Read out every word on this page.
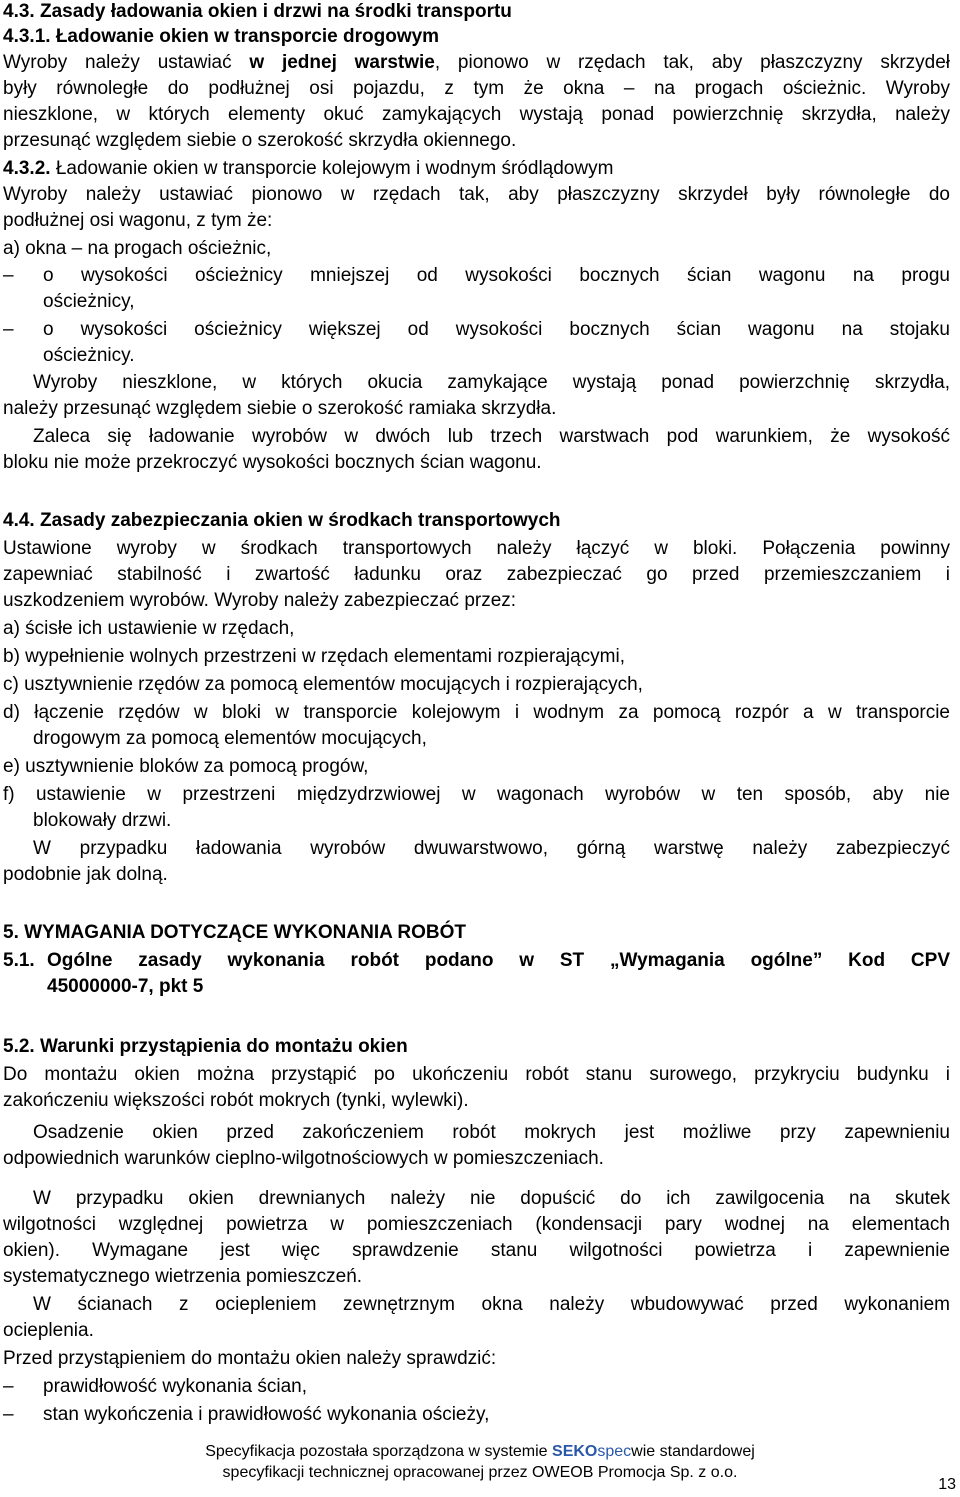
4.3. Zasady ładowania okien i drzwi na środki transportu

4.3.1. Ładowanie okien w transporcie drogowym

Wyroby należy ustawiać w jednej warstwie, pionowo w rzędach tak, aby płaszczyzny skrzydeł

były równoległe do podłużnej osi pojazdu, z tym że okna – na progach ościeżnic. Wyroby

nieszklone, w których elementy okuć zamykających wystają ponad powierzchnię skrzydła, należy

przesunąć względem siebie o szerokość skrzydła okiennego.

4.3.2. Ładowanie okien w transporcie kolejowym i wodnym śródlądowym

Wyroby należy ustawiać pionowo w rzędach tak, aby płaszczyzny skrzydeł były równoległe do

podłużnej osi wagonu, z tym że:

a) okna – na progach ościeżnic,

– o wysokości ościeżnicy mniejszej od wysokości bocznych ścian wagonu na progu

ościeżnicy,

– o wysokości ościeżnicy większej od wysokości bocznych ścian wagonu na stojaku

ościeżnicy.

Wyroby nieszklone, w których okucia zamykające wystają ponad powierzchnię skrzydła,

należy przesunąć względem siebie o szerokość ramiaka skrzydła.

Zaleca się ładowanie wyrobów w dwóch lub trzech warstwach pod warunkiem, że wysokość

bloku nie może przekroczyć wysokości bocznych ścian wagonu.

4.4. Zasady zabezpieczania okien w środkach transportowych

Ustawione wyroby w środkach transportowych należy łączyć w bloki. Połączenia powinny

zapewniać stabilność i zwartość ładunku oraz zabezpieczać go przed przemieszczaniem i

uszkodzeniem wyrobów. Wyroby należy zabezpieczać przez:

a) ścisłe ich ustawienie w rzędach,

b) wypełnienie wolnych przestrzeni w rzędach elementami rozpierającymi,

c) usztywnienie rzędów za pomocą elementów mocujących i rozpierających,

d) łączenie rzędów w bloki w transporcie kolejowym i wodnym za pomocą rozpór a w transporcie

drogowym za pomocą elementów mocujących,

e) usztywnienie bloków za pomocą progów,

f) ustawienie w przestrzeni międzydrzwiowej w wagonach wyrobów w ten sposób, aby nie

blokowały drzwi.

W przypadku ładowania wyrobów dwuwarstwowo, górną warstwę należy zabezpieczyć

podobnie jak dolną.

5. WYMAGANIA DOTYCZĄCE WYKONANIA ROBÓT

5.1. Ogólne zasady wykonania robót podano w ST „Wymagania ogólne” Kod CPV

45000000-7, pkt 5

5.2. Warunki przystąpienia do montażu okien

Do montażu okien można przystąpić po ukończeniu robót stanu surowego, przykryciu budynku i

zakończeniu większości robót mokrych (tynki, wylewki).

Osadzenie okien przed zakończeniem robót mokrych jest możliwe przy zapewnieniu

odpowiednich warunków cieplno-wilgotnościowych w pomieszczeniach.

W przypadku okien drewnianych należy nie dopuścić do ich zawilgocenia na skutek

wilgotności względnej powietrza w pomieszczeniach (kondensacji pary wodnej na elementach

okien). Wymagane jest więc sprawdzenie stanu wilgotności powietrza i zapewnienie

systematycznego wietrzenia pomieszczeń.

W ścianach z ociepleniem zewnętrznym okna należy wbudowywać przed wykonaniem

ocieplenia.

Przed przystąpieniem do montażu okien należy sprawdzić:

– prawidłowość wykonania ścian,

– stan wykończenia i prawidłowość wykonania ościeży,

Specyfikacja pozostała sporządzona w systemie SEKOspecwie standardowej
specyfikacji technicznej opracowanej przez OWEOB Promocja Sp. z o.o.
13
